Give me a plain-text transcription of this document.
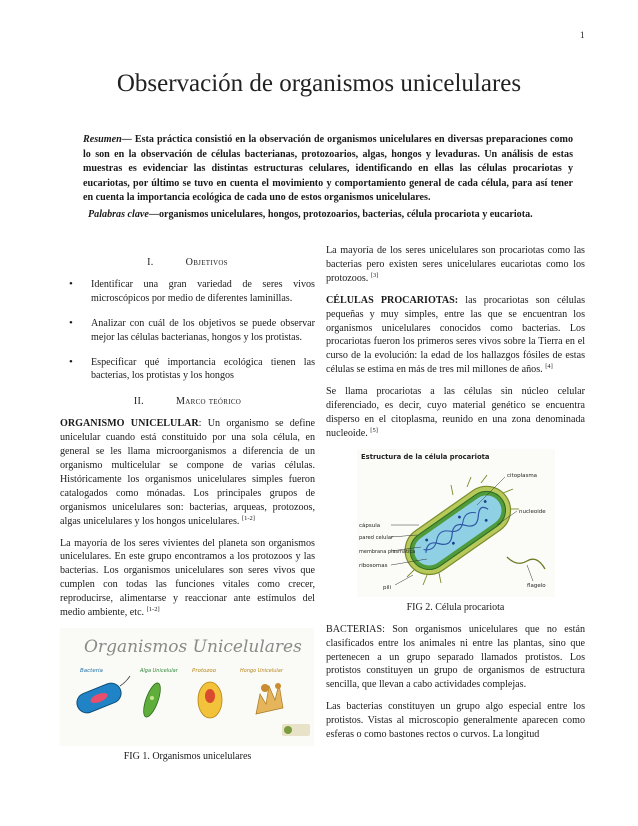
1
Observación de organismos unicelulares
Resumen— Esta práctica consistió en la observación de organismos unicelulares en diversas preparaciones como lo son en la observación de células bacterianas, protozoarios, algas, hongos y levaduras. Un análisis de estas muestras es evidenciar las distintas estructuras celulares, identificando en ellas las células procariotas y eucariotas, por último se tuvo en cuenta el movimiento y comportamiento general de cada célula, para así tener en cuenta la importancia ecológica de cada uno de estos organismos unicelulares.
Palabras clave—organismos unicelulares, hongos, protozoarios, bacterias, célula procariota y eucariota.
I.	Objetivos
• Identificar una gran variedad de seres vivos microscópicos por medio de diferentes laminillas.
• Analizar con cuál de los objetivos se puede observar mejor las células bacterianas, hongos y los protistas.
• Especificar qué importancia ecológica tienen las bacterias, los protistas y los hongos
II.	Marco teórico

ORGANISMO UNICELULAR: Un organismo se define unicelular cuando está constituido por una sola célula, en general se les llama microorganismos a diferencia de un organismo multicelular se compone de varias células. Históricamente los organismos unicelulares simples fueron catalogados como mónadas. Los principales grupos de organismos unicelulares son: bacterias, arqueas, protozoos, algas unicelulares y los hongos unicelulares. [1-2]

La mayoría de los seres vivientes del planeta son organismos unicelulares. En este grupo encontramos a los protozoos y las bacterias. Los organismos unicelulares son seres vivos que cumplen con todas las funciones vitales como crecer, reproducirse, alimentarse y reaccionar ante estímulos del medio ambiente, etc. [1-2]

Organismos Unicelulares
Bacteria	Alga Unicelular	Protozoo	Hongo Unicelular
FIG 1. Organismos unicelulares

La mayoría de los seres unicelulares son procariotas como las bacterias pero existen seres unicelulares eucariotas como los protozoos. [3]

CÉLULAS PROCARIOTAS: las procariotas son células pequeñas y muy simples, entre las que se encuentran los organismos unicelulares conocidos como bacterias. Los procariotas fueron los primeros seres vivos sobre la Tierra en el curso de la evolución: la edad de los hallazgos fósiles de estas células se estima en más de tres mil millones de años. [4]

Se llama procariotas a las células sin núcleo celular diferenciado, es decir, cuyo material genético se encuentra disperso en el citoplasma, reunido en una zona denominada nucleoide. [5]

Estructura de la célula procariota
citoplasma
nucleoide
cápsula
pared celular
membrana plasmática
ribosomas
pili	flagelo
FIG 2. Célula procariota

BACTERIAS: Son organismos unicelulares que no están clasificados entre los animales ni entre las plantas, sino que pertenecen a un grupo separado llamados protistos. Los protistos constituyen un grupo de organismos de estructura sencilla, que llevan a cabo actividades complejas.

Las bacterias constituyen un grupo algo especial entre los protistos. Vistas al microscopio generalmente aparecen como esferas o como bastones rectos o curvos. La longitud
